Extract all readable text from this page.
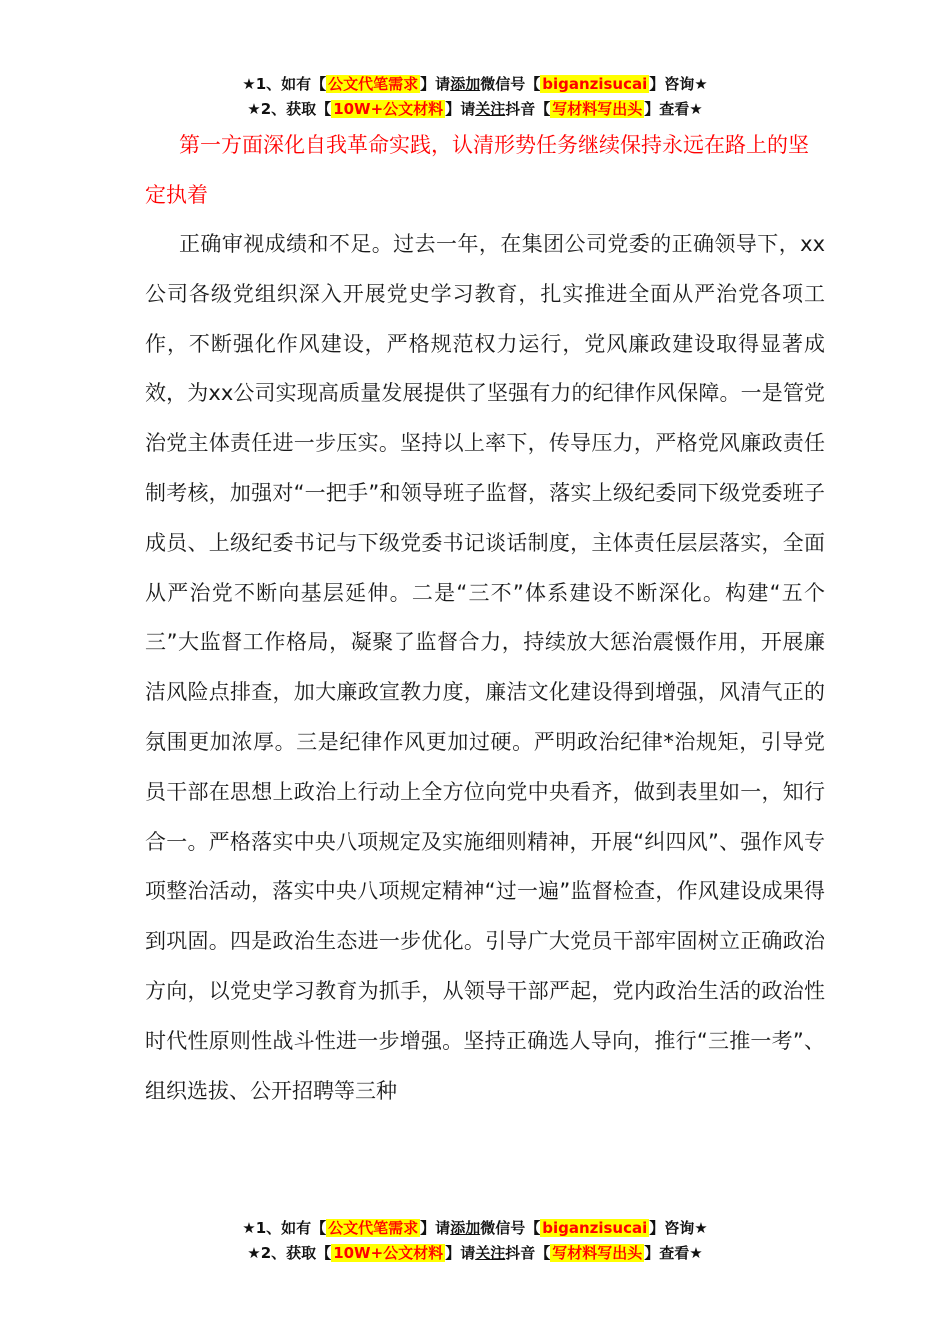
★1、如有【 公文代笔需求 】请添加微信号【 biganzisucai 】咨询★
★2、获取【 10W+公文材料 】请关注抖音【 写材料写出头 】查看★

第一方面深化自我革命实践，认清形势任务继续保持永远在路上的坚定执着

正确审视成绩和不足。过去一年，在集团公司党委的正确领导下，xx公司各级党组织深入开展党史学习教育，扎实推进全面从严治党各项工作，不断强化作风建设，严格规范权力运行，党风廉政建设取得显著成效，为xx公司实现高质量发展提供了坚强有力的纪律作风保障。一是管党治党主体责任进一步压实。坚持以上率下，传导压力，严格党风廉政责任制考核，加强对“一把手”和领导班子监督，落实上级纪委同下级党委班子成员、上级纪委书记与下级党委书记谈话制度，主体责任层层落实，全面从严治党不断向基层延伸。二是“三不”体系建设不断深化。构建“五个三”大监督工作格局，凝聚了监督合力，持续放大惩治震慑作用，开展廉洁风险点排查，加大廉政宣教力度，廉洁文化建设得到增强，风清气正的氛围更加浓厚。三是纪律作风更加过硬。严明政治纪律*治规矩，引导党员干部在思想上政治上行动上全方位向党中央看齐，做到表里如一，知行合一。严格落实中央八项规定及实施细则精神，开展“纠四风”、强作风专项整治活动，落实中央八项规定精神“过一遍”监督检查，作风建设成果得到巩固。四是政治生态进一步优化。引导广大党员干部牢固树立正确政治方向，以党史学习教育为抓手，从领导干部严起，党内政治生活的政治性时代性原则性战斗性进一步增强。坚持正确选人导向，推行“三推一考”、组织选拔、公开招聘等三种

★1、如有【 公文代笔需求 】请添加微信号【 biganzisucai 】咨询★
★2、获取【 10W+公文材料 】请关注抖音【 写材料写出头 】查看★
